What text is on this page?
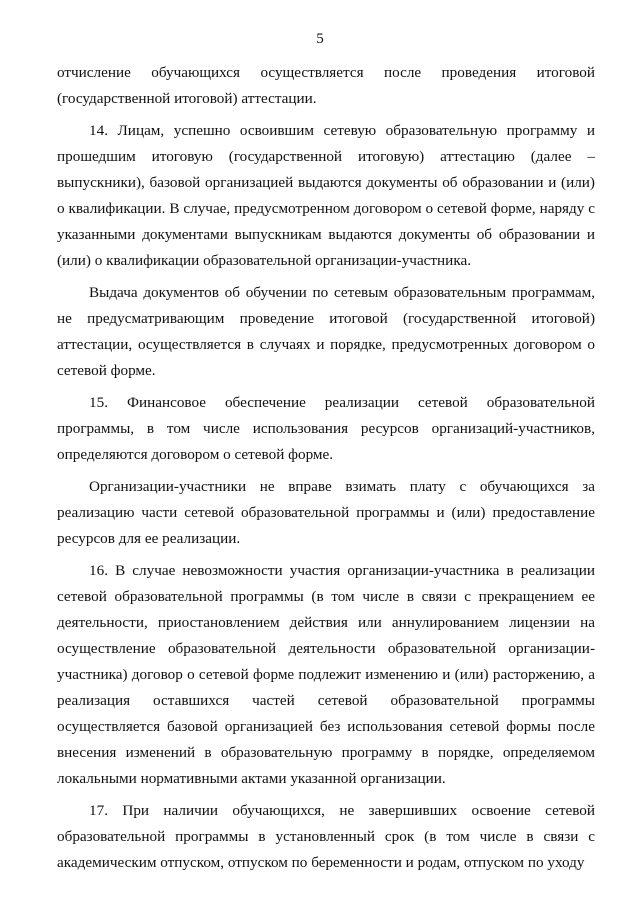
5

отчисление обучающихся осуществляется после проведения итоговой (государственной итоговой) аттестации.

14. Лицам, успешно освоившим сетевую образовательную программу и прошедшим итоговую (государственной итоговую) аттестацию (далее – выпускники), базовой организацией выдаются документы об образовании и (или) о квалификации. В случае, предусмотренном договором о сетевой форме, наряду с указанными документами выпускникам выдаются документы об образовании и (или) о квалификации образовательной организации-участника.

Выдача документов об обучении по сетевым образовательным программам, не предусматривающим проведение итоговой (государственной итоговой) аттестации, осуществляется в случаях и порядке, предусмотренных договором о сетевой форме.

15. Финансовое обеспечение реализации сетевой образовательной программы, в том числе использования ресурсов организаций-участников, определяются договором о сетевой форме.

Организации-участники не вправе взимать плату с обучающихся за реализацию части сетевой образовательной программы и (или) предоставление ресурсов для ее реализации.

16. В случае невозможности участия организации-участника в реализации сетевой образовательной программы (в том числе в связи с прекращением ее деятельности, приостановлением действия или аннулированием лицензии на осуществление образовательной деятельности образовательной организации-участника) договор о сетевой форме подлежит изменению и (или) расторжению, а реализация оставшихся частей сетевой образовательной программы осуществляется базовой организацией без использования сетевой формы после внесения изменений в образовательную программу в порядке, определяемом локальными нормативными актами указанной организации.

17. При наличии обучающихся, не завершивших освоение сетевой образовательной программы в установленный срок (в том числе в связи с академическим отпуском, отпуском по беременности и родам, отпуском по уходу
